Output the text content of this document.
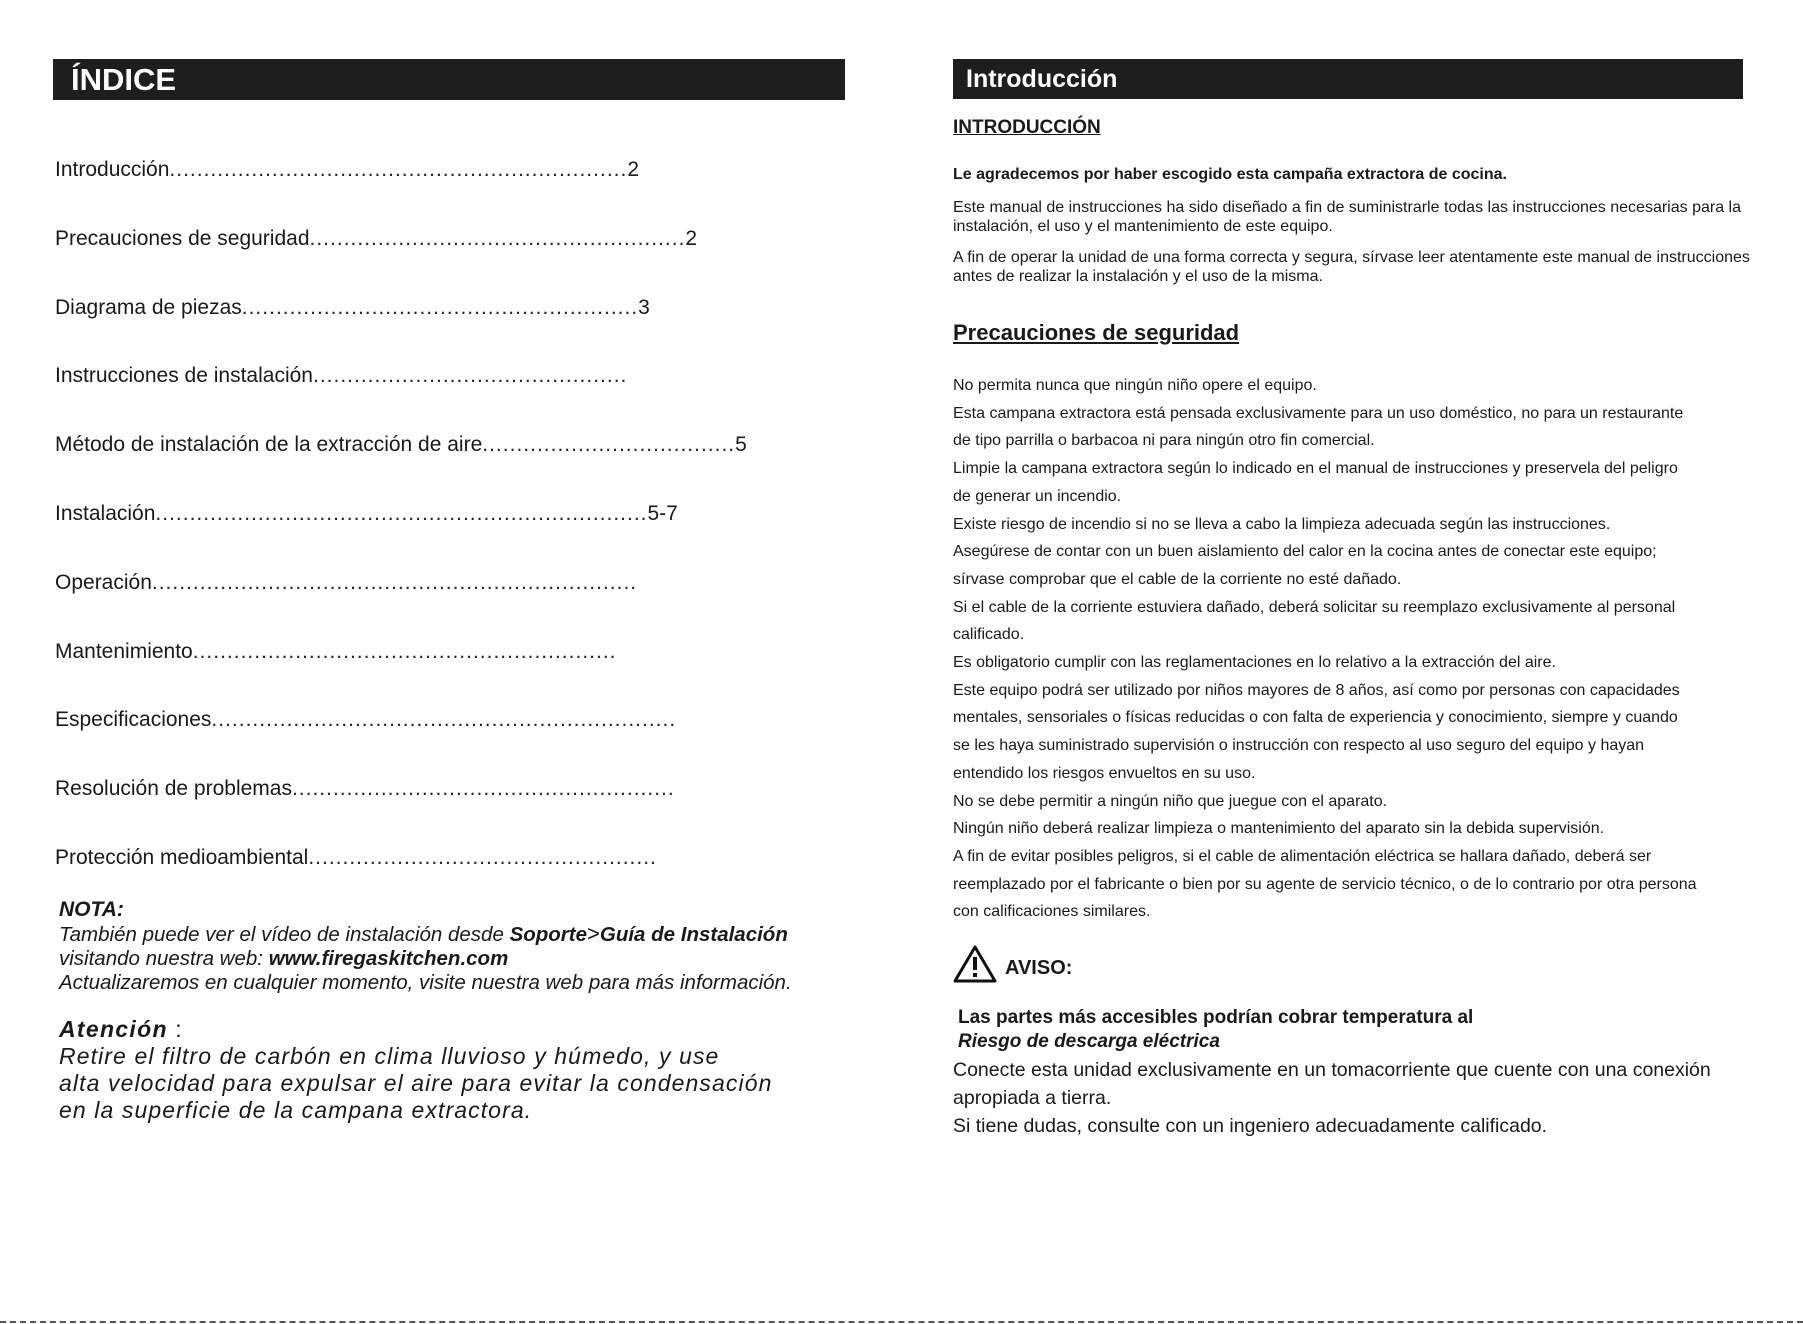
ÍNDICE
Introducción ................................................................... 2
Precauciones de seguridad ....................................................... 2
Diagrama de piezas .......................................................... 3
Instrucciones de instalación ..............................................
Método de instalación de la extracción de aire ..................................... 5
Instalación ........................................................................ 5-7
Operación .......................................................................
Mantenimiento ..............................................................
Especificaciones ....................................................................
Resolución de problemas ........................................................
Protección medioambiental ...................................................
NOTA:
También puede ver el vídeo de instalación desde Soporte>Guía de Instalación
visitando nuestra web: www.firegaskitchen.com
Actualizaremos en cualquier momento, visite nuestra web para más información.
Atención :
Retire el filtro de carbón en clima lluvioso y húmedo, y use
alta velocidad para expulsar el aire para evitar la condensación
en la superficie de la campana extractora.
Introducción
INTRODUCCIÓN
Le agradecemos por haber escogido esta campaña extractora de cocina.
Este manual de instrucciones ha sido diseñado a fin de suministrarle todas las instrucciones necesarias para la instalación, el uso y el mantenimiento de este equipo.
A fin de operar la unidad de una forma correcta y segura, sírvase leer atentamente este manual de instrucciones antes de realizar la instalación y el uso de la misma.
Precauciones de seguridad
No permita nunca que ningún niño opere el equipo.
Esta campana extractora está pensada exclusivamente para un uso doméstico, no para un restaurante
de tipo parrilla o barbacoa ni para ningún otro fin comercial.
Limpie la campana extractora según lo indicado en el manual de instrucciones y preservela del peligro
de generar un incendio.
Existe riesgo de incendio si no se lleva a cabo la limpieza adecuada según las instrucciones.
Asegúrese de contar con un buen aislamiento del calor en la cocina antes de conectar este equipo;
sírvase comprobar que el cable de la corriente no esté dañado.
Si el cable de la corriente estuviera dañado, deberá solicitar su reemplazo exclusivamente al personal
calificado.
Es obligatorio cumplir con las reglamentaciones en lo relativo a la extracción del aire.
Este equipo podrá ser utilizado por niños mayores de 8 años, así como por personas con capacidades
mentales, sensoriales o físicas reducidas o con falta de experiencia y conocimiento, siempre y cuando
se les haya suministrado supervisión o instrucción con respecto al uso seguro del equipo y hayan
entendido los riesgos envueltos en su uso.
No se debe permitir a ningún niño que juegue con el aparato.
Ningún niño deberá realizar limpieza o mantenimiento del aparato sin la debida supervisión.
A fin de evitar posibles peligros, si el cable de alimentación eléctrica se hallara dañado, deberá ser
reemplazado por el fabricante o bien por su agente de servicio técnico, o de lo contrario por otra persona
con calificaciones similares.
AVISO:
Las partes más accesibles podrían cobrar temperatura al
Riesgo de descarga eléctrica
Conecte esta unidad exclusivamente en un tomacorriente que cuente con una conexión
apropiada a tierra.
Si tiene dudas, consulte con un ingeniero adecuadamente calificado.
